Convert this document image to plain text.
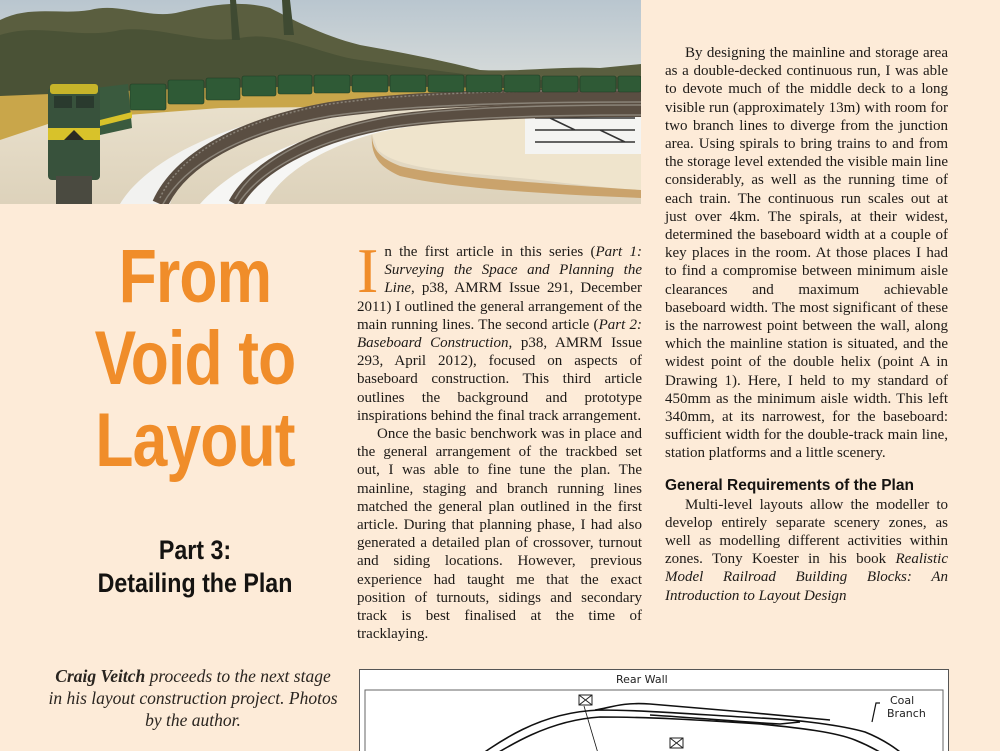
From
Void to
Layout
Part 3:
Detailing the Plan
Craig Veitch proceeds to the next stage in his layout construction project. Photos by the author.

In the first article in this series (Part 1: Surveying the Space and Planning the Line, p38, AMRM Issue 291, December 2011) I outlined the general arrangement of the main running lines. The second article (Part 2: Baseboard Construction, p38, AMRM Issue 293, April 2012), focused on aspects of baseboard construction. This third article outlines the background and prototype inspirations behind the final track arrangement.

Once the basic benchwork was in place and the general arrangement of the trackbed set out, I was able to fine tune the plan. The mainline, staging and branch running lines matched the general plan outlined in the first article. During that planning phase, I had also generated a detailed plan of crossover, turnout and siding locations. However, previous experience had taught me that the exact position of turnouts, sidings and secondary track is best finalised at the time of tracklaying.

By designing the mainline and storage area as a double-decked continuous run, I was able to devote much of the middle deck to a long visible run (approximately 13m) with room for two branch lines to diverge from the junction area. Using spirals to bring trains to and from the storage level extended the visible main line considerably, as well as the running time of each train. The continuous run scales out at just over 4km. The spirals, at their widest, determined the baseboard width at a couple of key places in the room. At those places I had to find a compromise between minimum aisle clearances and maximum achievable baseboard width. The most significant of these is the narrowest point between the wall, along which the mainline station is situated, and the widest point of the double helix (point A in Drawing 1). Here, I held to my standard of 450mm as the minimum aisle width. This left 340mm, at its narrowest, for the baseboard: sufficient width for the double-track main line, station platforms and a little scenery.

General Requirements of the Plan

Multi-level layouts allow the modeller to develop entirely separate scenery zones, as well as modelling different activities within zones. Tony Koester in his book Realistic Model Railroad Building Blocks: An Introduction to Layout Design

Rear Wall
Coal
Branch
